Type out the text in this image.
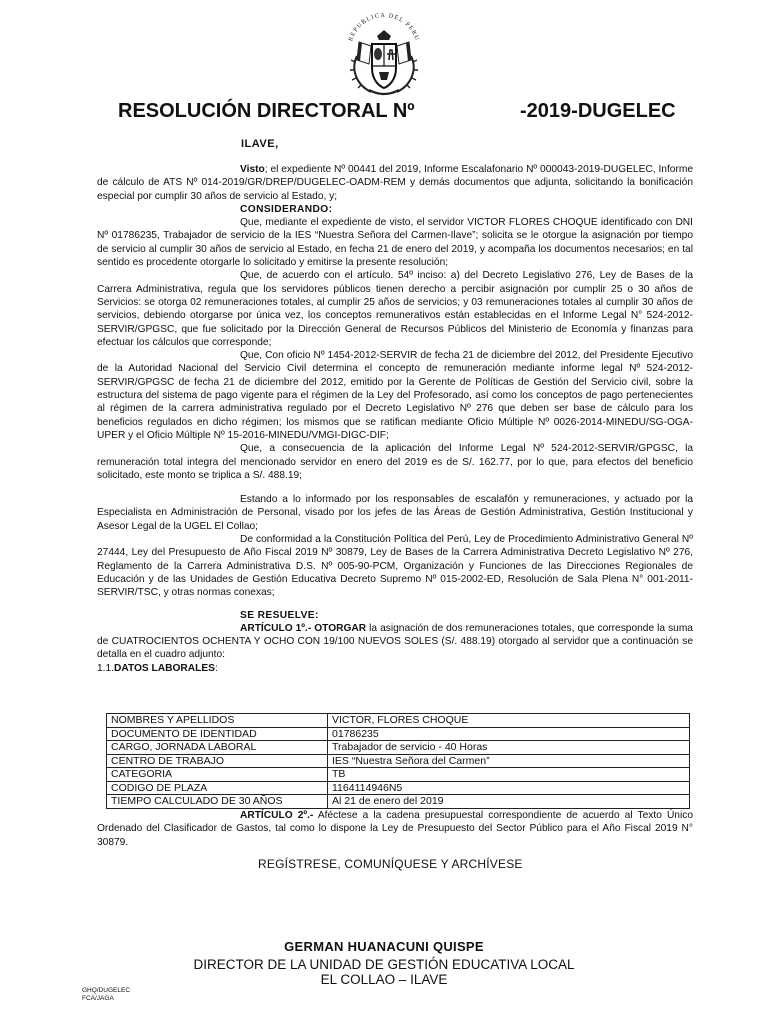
REPUBLICA DEL PERU
RESOLUCIÓN DIRECTORAL Nº	-2019-DUGELEC
ILAVE,

Visto; el expediente Nº 00441 del 2019, Informe Escalafonario Nº 000043-2019-DUGELEC, Informe de cálculo de ATS Nº 014-2019/GR/DREP/DUGELEC-OADM-REM y demás documentos que adjunta, solicitando la bonificación especial por cumplir 30 años de servicio al Estado, y;

CONSIDERANDO:

Que, mediante el expediente de visto, el servidor VICTOR FLORES CHOQUE identificado con DNI Nº 01786235, Trabajador de servicio de la IES “Nuestra Señora del Carmen-Ilave”; solicita se le otorgue la asignación por tiempo de servicio al cumplir 30 años de servicio al Estado, en fecha 21 de enero del 2019, y acompaña los documentos necesarios; en tal sentido es procedente otorgarle lo solicitado y emitirse la presente resolución;

Que, de acuerdo con el artículo. 54º inciso: a) del Decreto Legislativo 276, Ley de Bases de la Carrera Administrativa, regula que los servidores públicos tienen derecho a percibir asignación por cumplir 25 o 30 años de Servicios: se otorga 02 remuneraciones totales, al cumplir 25 años de servicios; y 03 remuneraciones totales al cumplir 30 años de servicios, debiendo otorgarse por única vez, los conceptos remunerativos están establecidas en el Informe Legal N° 524-2012-SERVIR/GPGSC, que fue solicitado por la Dirección General de Recursos Públicos del Ministerio de Economía y finanzas para efectuar los cálculos que corresponde;

Que, Con oficio Nº 1454-2012-SERVIR de fecha 21 de diciembre del 2012, del Presidente Ejecutivo de la Autoridad Nacional del Servicio Civil determina el concepto de remuneración mediante informe legal Nº 524-2012-SERVIR/GPGSC de fecha 21 de diciembre del 2012, emitido por la Gerente de Políticas de Gestión del Servicio civil, sobre la estructura del sistema de pago vigente para el régimen de la Ley del Profesorado, así como los conceptos de pago pertenecientes al régimen de la carrera administrativa regulado por el Decreto Legislativo Nº 276 que deben ser base de cálculo para los beneficios regulados en dicho régimen; los mismos que se ratifican mediante Oficio Múltiple Nº 0026-2014-MINEDU/SG-OGA-UPER y el Oficio Múltiple Nº 15-2016-MINEDU/VMGI-DIGC-DIF;

Que, a consecuencia de la aplicación del Informe Legal Nº 524-2012-SERVIR/GPGSC, la remuneración total integra del mencionado servidor en enero del 2019 es de S/. 162.77, por lo que, para efectos del beneficio solicitado, este monto se triplica a S/. 488.19;

Estando a lo informado por los responsables de escalafón y remuneraciones, y actuado por la Especialista en Administración de Personal, visado por los jefes de las Áreas de Gestión Administrativa, Gestión Institucional y Asesor Legal de la UGEL El Collao;

De conformidad a la Constitución Política del Perú, Ley de Procedimiento Administrativo General Nº 27444, Ley del Presupuesto de Año Fiscal 2019 Nº 30879, Ley de Bases de la Carrera Administrativa Decreto Legislativo Nº 276, Reglamento de la Carrera Administrativa D.S. Nº 005-90-PCM, Organización y Funciones de las Direcciones Regionales de Educación y de las Unidades de Gestión Educativa Decreto Supremo Nº 015-2002-ED, Resolución de Sala Plena N° 001-2011-SERVIR/TSC, y otras normas conexas;

SE RESUELVE:

ARTÍCULO 1º.- OTORGAR la asignación de dos remuneraciones totales, que corresponde la suma de CUATROCIENTOS OCHENTA Y OCHO CON 19/100 NUEVOS SOLES (S/. 488.19) otorgado al servidor que a continuación se detalla en el cuadro adjunto:

1.1.DATOS LABORALES:

NOMBRES Y APELLIDOS	VICTOR, FLORES CHOQUE
DOCUMENTO DE IDENTIDAD	01786235
CARGO, JORNADA LABORAL	Trabajador de servicio - 40 Horas
CENTRO DE TRABAJO	IES “Nuestra Señora del Carmen”
CATEGORIA	TB
CODIGO DE PLAZA	1164114946N5
TIEMPO CALCULADO DE 30 AÑOS	Al 21 de enero del 2019

ARTÍCULO 2º.- Aféctese a la cadena presupuestal correspondiente de acuerdo al Texto Único Ordenado del Clasificador de Gastos, tal como lo dispone la Ley de Presupuesto del Sector Público para el Año Fiscal 2019 N° 30879.

REGÍSTRESE, COMUNÍQUESE Y ARCHÍVESE
GERMAN HUANACUNI QUISPE
DIRECTOR DE LA UNIDAD DE GESTIÓN EDUCATIVA LOCAL
EL COLLAO – ILAVE
GHQ/DUGELEC
FCA/JAGA
